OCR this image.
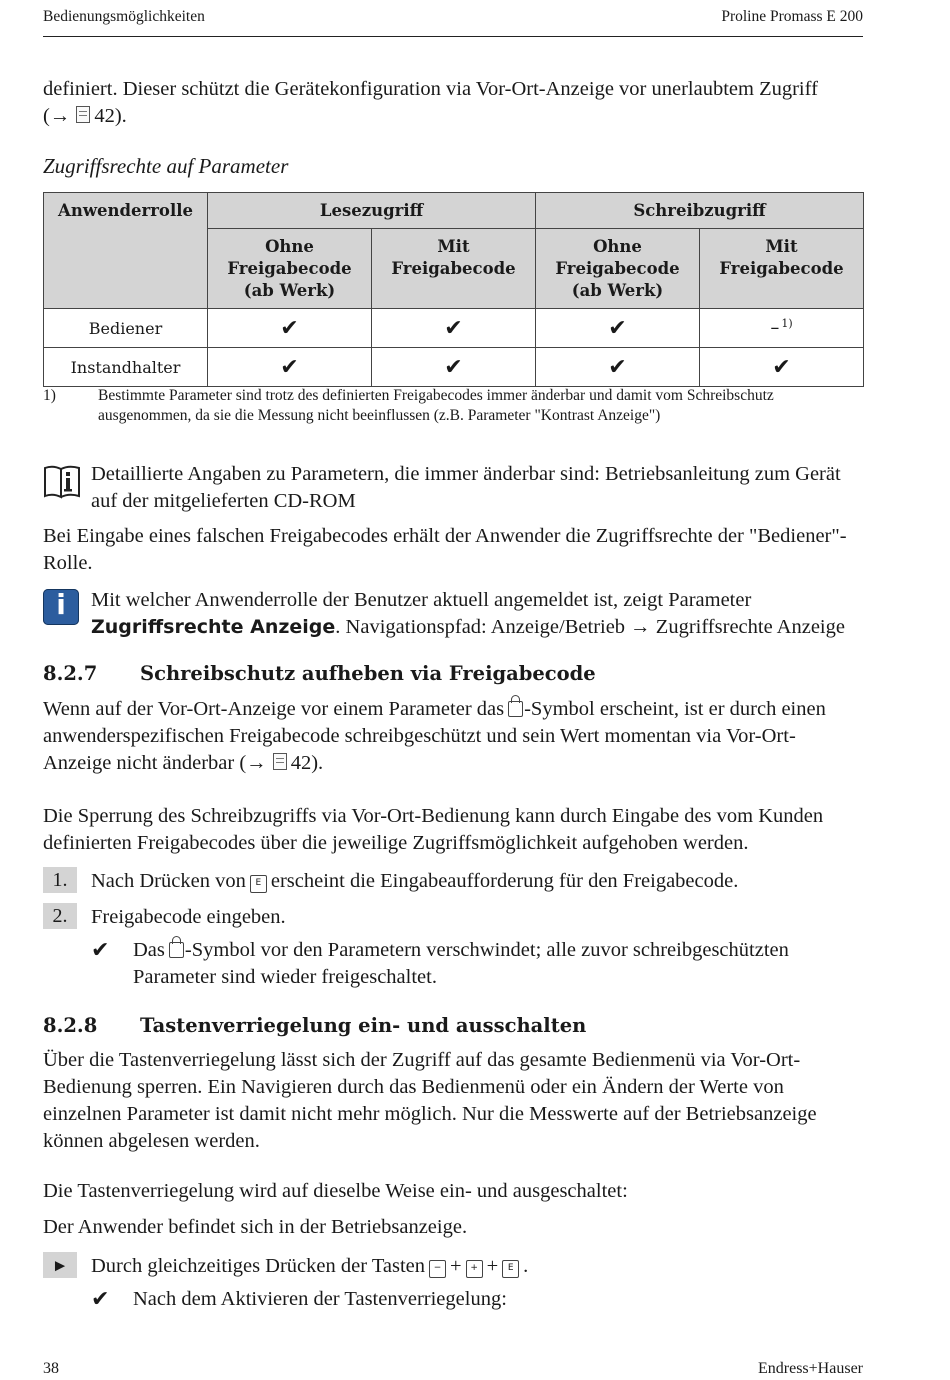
Bedienungsmöglichkeiten	Proline Promass E 200
definiert. Dieser schützt die Gerätekonfiguration via Vor-Ort-Anzeige vor unerlaubtem Zugriff
(→ 42).
Zugriffsrechte auf Parameter
Anwenderrolle	Lesezugriff		Schreibzugriff	
	Ohne Freigabecode (ab Werk)	Mit Freigabecode	Ohne Freigabecode (ab Werk)	Mit Freigabecode
Bediener	✔	✔	✔	– $^{1)}$
Instandhalter	✔	✔	✔	✔
1)	Bestimmte Parameter sind trotz des definierten Freigabecodes immer änderbar und damit vom Schreibschutz ausgenommen, da sie die Messung nicht beeinflussen (z.B. Parameter "Kontrast Anzeige")
Detaillierte Angaben zu Parametern, die immer änderbar sind: Betriebsanleitung zum Gerät auf der mitgelieferten CD-ROM
Bei Eingabe eines falschen Freigabecodes erhält der Anwender die Zugriffsrechte der "Bediener"-Rolle.
i	Mit welcher Anwenderrolle der Benutzer aktuell angemeldet ist, zeigt Parameter Zugriffsrechte Anzeige. Navigationspfad: Anzeige/Betrieb → Zugriffsrechte Anzeige
8.2.7 Schreibschutz aufheben via Freigabecode
Wenn auf der Vor-Ort-Anzeige vor einem Parameter das -Symbol erscheint, ist er durch einen anwenderspezifischen Freigabecode schreibgeschützt und sein Wert momentan via Vor-Ort-Anzeige nicht änderbar (→ 42).
Die Sperrung des Schreibzugriffs via Vor-Ort-Bedienung kann durch Eingabe des vom Kunden definierten Freigabecodes über die jeweilige Zugriffsmöglichkeit aufgehoben werden.
1.	Nach Drücken von E erscheint die Eingabeaufforderung für den Freigabecode.
2.	Freigabecode eingeben.
✔ Das -Symbol vor den Parametern verschwindet; alle zuvor schreibgeschützten Parameter sind wieder freigeschaltet.
8.2.8 Tastenverriegelung ein- und ausschalten
Über die Tastenverriegelung lässt sich der Zugriff auf das gesamte Bedienmenü via Vor-Ort-Bedienung sperren. Ein Navigieren durch das Bedienmenü oder ein Ändern der Werte von einzelnen Parameter ist damit nicht mehr möglich. Nur die Messwerte auf der Betriebsanzeige können abgelesen werden.
Die Tastenverriegelung wird auf dieselbe Weise ein- und ausgeschaltet:
Der Anwender befindet sich in der Betriebsanzeige.
►	Durch gleichzeitiges Drücken der Tasten − + + + E .
✔ Nach dem Aktivieren der Tastenverriegelung:
38	Endress+Hauser
